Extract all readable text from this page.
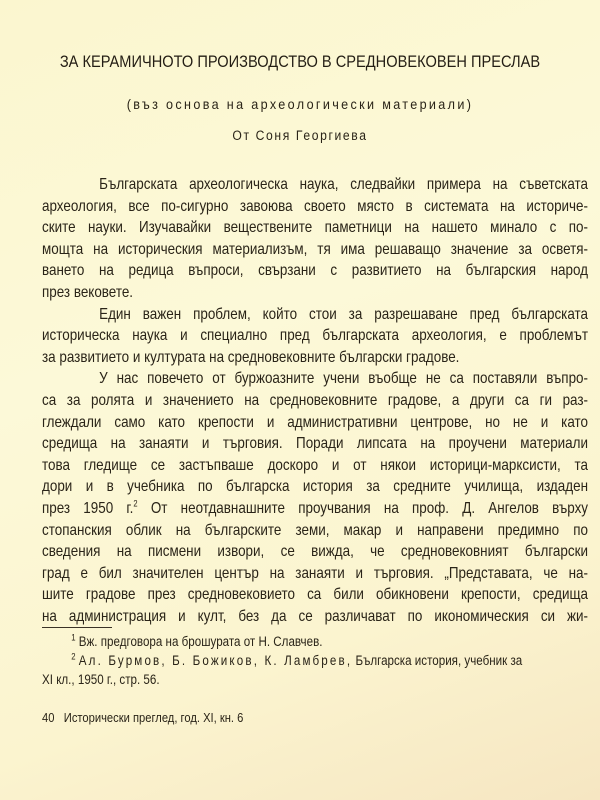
ЗА КЕРАМИЧНОТО ПРОИЗВОДСТВО В СРЕДНОВЕКОВЕН ПРЕСЛАВ
(въз основа на археологически материали)
От Соня Георгиева
Българската археологическа наука, следвайки примера на съветската
археология, все по-сигурно завоюва своето място в системата на историче-
ските науки. Изучавайки веществените паметници на нашето минало с по-
мощта на историческия материализъм, тя има решаващо значение за осветя-
ването на редица въпроси, свързани с развитието на българския народ
през вековете.
Един важен проблем, който стои за разрешаване пред българската
историческа наука и специално пред българската археология, е проблемът
за развитието и културата на средновековните български градове.
У нас повечето от буржоазните учени въобще не са поставяли въпро-
са за ролята и значението на средновековните градове, а други са ги раз-
глеждали само като крепости и административни центрове, но не и като
средища на занаяти и търговия. Поради липсата на проучени материали
това гледище се застъпваше доскоро и от някои историци-марксисти, та
дори и в учебника по българска история за средните училища, издаден
през 1950 г.$^2$ От неотдавнашните проучвания на проф. Д. Ангелов върху
стопанския облик на българските земи, макар и направени предимно по
сведения на писмени извори, се вижда, че средновековният български
град е бил значителен център на занаяти и търговия. „Представата, че на-
шите градове през средновековието са били обикновени крепости, средища
на администрация и култ, без да се различават по икономическия си жи-
$^1$ Вж. предговора на брошурата от Н. Славчев.
$^2$ Ал. Бурмов, Б. Божиков, К. Ламбрев, Българска история, учебник за
XI кл., 1950 г., стр. 56.
40 Исторически преглед, год. XI, кн. 6
